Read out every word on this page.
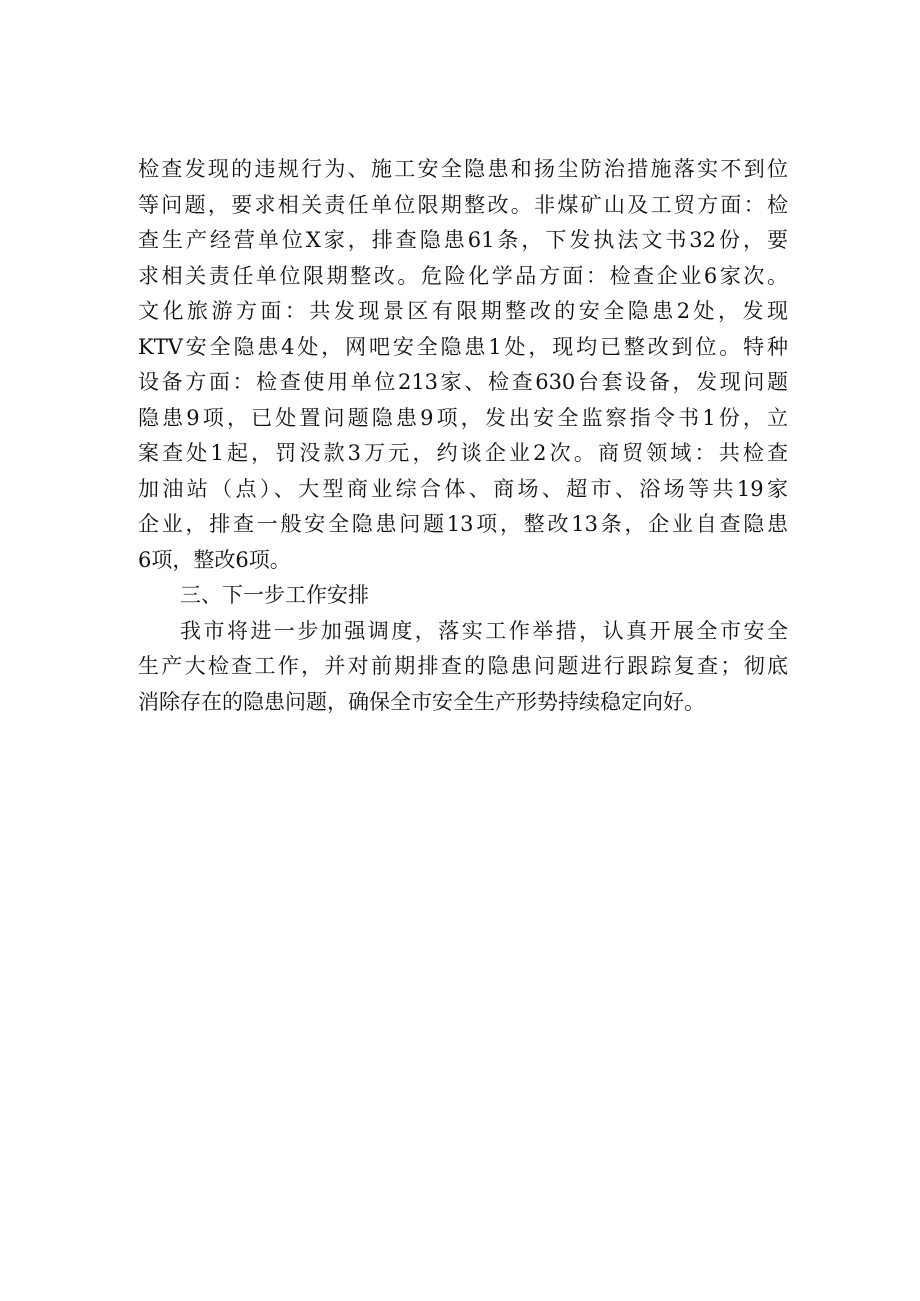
检查发现的违规行为、施工安全隐患和扬尘防治措施落实不到位
等问题，要求相关责任单位限期整改。非煤矿山及工贸方面：检
查生产经营单位X家，排查隐患61条，下发执法文书32份，要
求相关责任单位限期整改。危险化学品方面：检查企业6家次。
文化旅游方面：共发现景区有限期整改的安全隐患2处，发现
KTV安全隐患4处，网吧安全隐患1处，现均已整改到位。特种
设备方面：检查使用单位213家、检查630台套设备，发现问题
隐患9项，已处置问题隐患9项，发出安全监察指令书1份，立
案查处1起，罚没款3万元，约谈企业2次。商贸领域：共检查
加油站（点）、大型商业综合体、商场、超市、浴场等共19家
企业，排查一般安全隐患问题13项，整改13条，企业自查隐患
6项，整改6项。
三、下一步工作安排
我市将进一步加强调度，落实工作举措，认真开展全市安全
生产大检查工作，并对前期排查的隐患问题进行跟踪复查；彻底
消除存在的隐患问题，确保全市安全生产形势持续稳定向好。
